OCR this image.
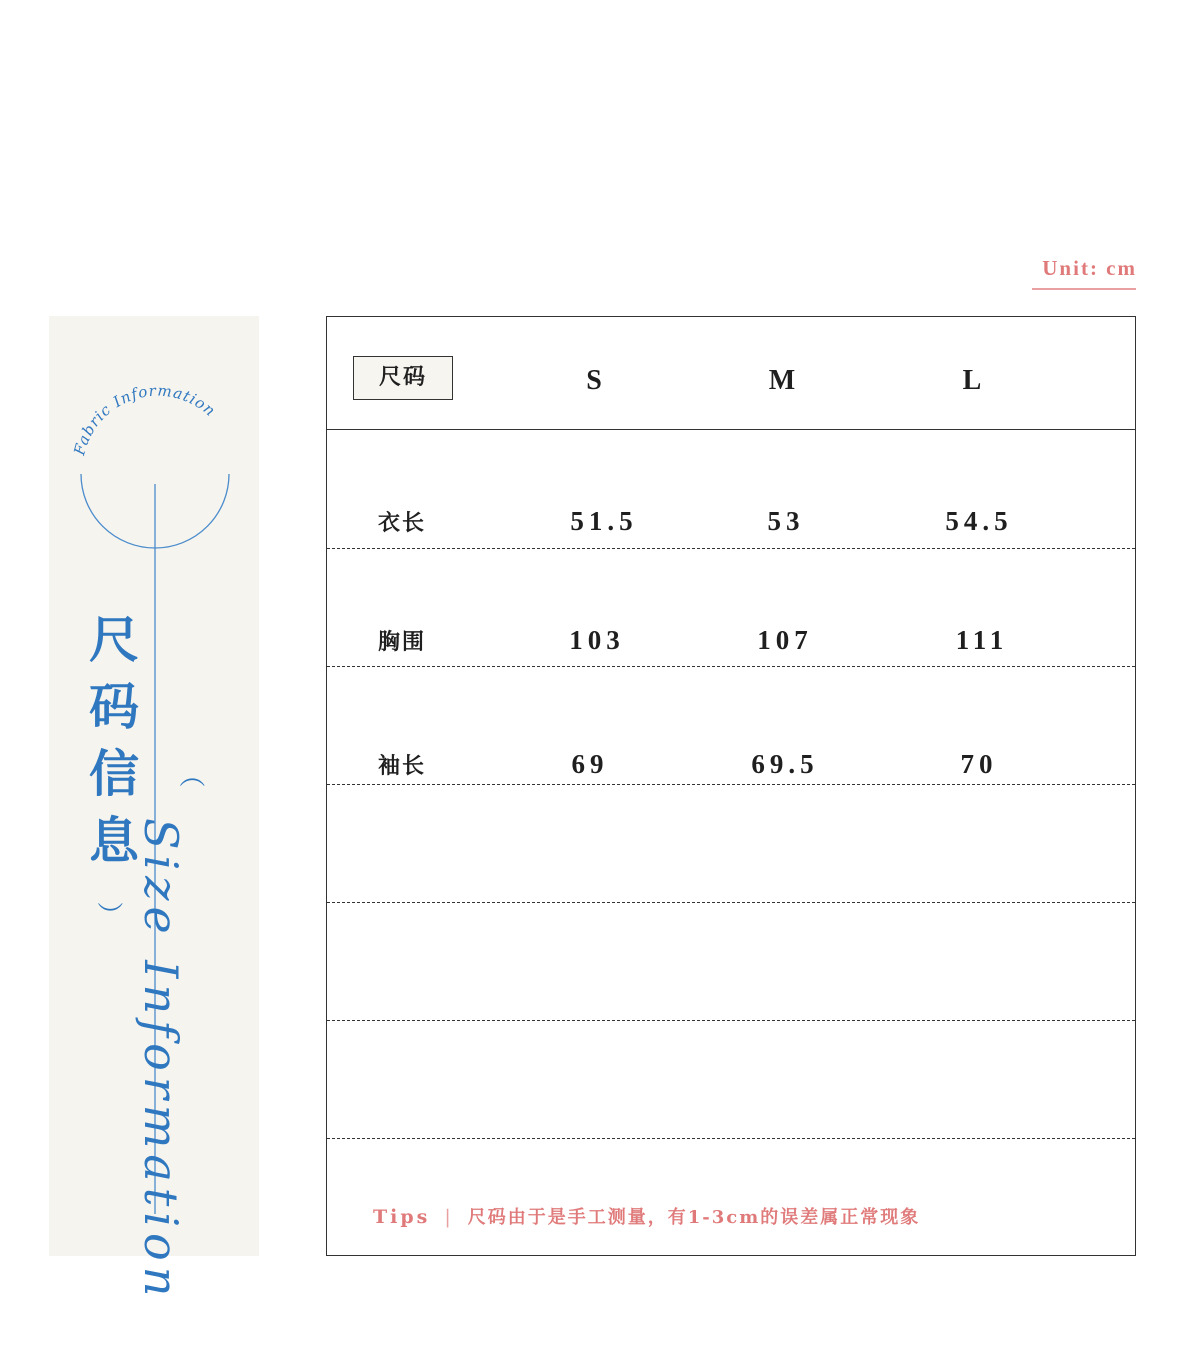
Unit: cm
Fabric Information
尺
码
信
息
（
） Size Information
尺码	S	M	L
衣长	51.5	53	54.5
胸围	103	107	111
袖长	69	69.5	70
Tips | 尺码由于是手工测量，有1-3cm的误差属正常现象
